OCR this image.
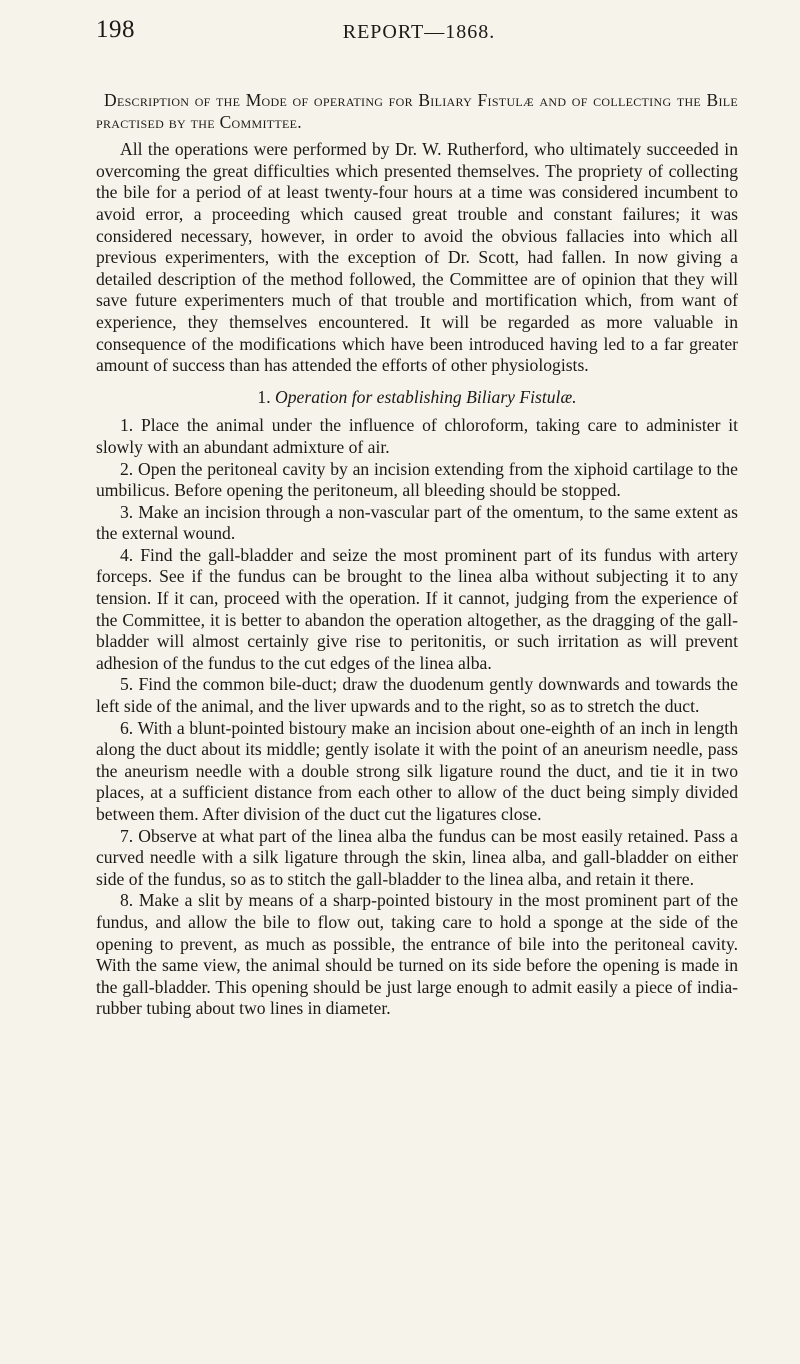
198	REPORT—1868.

Description of the Mode of operating for Biliary Fistulæ and of collecting the Bile practised by the Committee.

All the operations were performed by Dr. W. Rutherford, who ultimately succeeded in overcoming the great difficulties which presented themselves. The propriety of collecting the bile for a period of at least twenty-four hours at a time was considered incumbent to avoid error, a proceeding which caused great trouble and constant failures; it was considered necessary, however, in order to avoid the obvious fallacies into which all previous experimenters, with the exception of Dr. Scott, had fallen. In now giving a detailed description of the method followed, the Committee are of opinion that they will save future experimenters much of that trouble and mortification which, from want of experience, they themselves encountered. It will be regarded as more valuable in consequence of the modifications which have been introduced having led to a far greater amount of success than has attended the efforts of other physiologists.

1. Operation for establishing Biliary Fistulæ.

1. Place the animal under the influence of chloroform, taking care to administer it slowly with an abundant admixture of air.

2. Open the peritoneal cavity by an incision extending from the xiphoid cartilage to the umbilicus. Before opening the peritoneum, all bleeding should be stopped.

3. Make an incision through a non-vascular part of the omentum, to the same extent as the external wound.

4. Find the gall-bladder and seize the most prominent part of its fundus with artery forceps. See if the fundus can be brought to the linea alba without subjecting it to any tension. If it can, proceed with the operation. If it cannot, judging from the experience of the Committee, it is better to abandon the operation altogether, as the dragging of the gall-bladder will almost certainly give rise to peritonitis, or such irritation as will prevent adhesion of the fundus to the cut edges of the linea alba.

5. Find the common bile-duct; draw the duodenum gently downwards and towards the left side of the animal, and the liver upwards and to the right, so as to stretch the duct.

6. With a blunt-pointed bistoury make an incision about one-eighth of an inch in length along the duct about its middle; gently isolate it with the point of an aneurism needle, pass the aneurism needle with a double strong silk ligature round the duct, and tie it in two places, at a sufficient distance from each other to allow of the duct being simply divided between them. After division of the duct cut the ligatures close.

7. Observe at what part of the linea alba the fundus can be most easily retained. Pass a curved needle with a silk ligature through the skin, linea alba, and gall-bladder on either side of the fundus, so as to stitch the gall-bladder to the linea alba, and retain it there.

8. Make a slit by means of a sharp-pointed bistoury in the most prominent part of the fundus, and allow the bile to flow out, taking care to hold a sponge at the side of the opening to prevent, as much as possible, the entrance of bile into the peritoneal cavity. With the same view, the animal should be turned on its side before the opening is made in the gall-bladder. This opening should be just large enough to admit easily a piece of india-rubber tubing about two lines in diameter.
